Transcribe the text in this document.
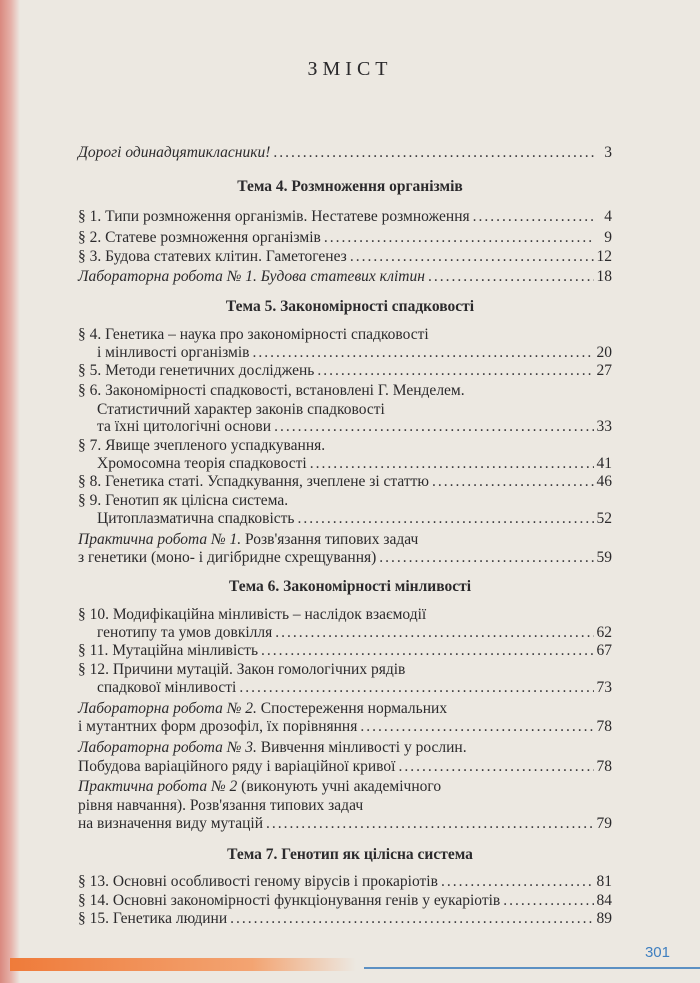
ЗМІСТ
Дорогі одинадцятикласники! .....	3
Тема 4. Розмноження організмів
§ 1. Типи розмноження організмів. Нестатеве розмноження .....	4
§ 2. Статеве розмноження організмів .....	9
§ 3. Будова статевих клітин. Гаметогенез .....	12
Лабораторна робота № 1. Будова статевих клітин .....	18
Тема 5. Закономірності спадковості
§ 4. Генетика – наука про закономірності спадковості
і мінливості організмів .....	20
§ 5. Методи генетичних досліджень .....	27
§ 6. Закономірності спадковості, встановлені Г. Менделем.
Статистичний характер законів спадковості
та їхні цитологічні основи .....	33
§ 7. Явище зчепленого успадкування.
Хромосомна теорія спадковості .....	41
§ 8. Генетика статі. Успадкування, зчеплене зі статтю .....	46
§ 9. Генотип як цілісна система.
Цитоплазматична спадковість .....	52
Практична робота № 1. Розв'язання типових задач
з генетики (моно- і дигібридне схрещування) .....	59
Тема 6. Закономірності мінливості
§ 10. Модифікаційна мінливість – наслідок взаємодії
генотипу та умов довкілля .....	62
§ 11. Мутаційна мінливість .....	67
§ 12. Причини мутацій. Закон гомологічних рядів
спадкової мінливості .....	73
Лабораторна робота № 2. Спостереження нормальних
і мутантних форм дрозофіл, їх порівняння .....	78
Лабораторна робота № 3. Вивчення мінливості у рослин.
Побудова варіаційного ряду і варіаційної кривої .....	78
Практична робота № 2 (виконують учні академічного
рівня навчання). Розв'язання типових задач
на визначення виду мутацій .....	79
Тема 7. Генотип як цілісна система
§ 13. Основні особливості геному вірусів і прокаріотів .....	81
§ 14. Основні закономірності функціонування генів у еукаріотів .....	84
§ 15. Генетика людини .....	89
301
